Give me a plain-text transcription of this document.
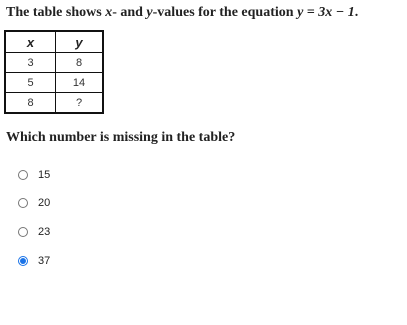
The table shows x- and y-values for the equation y = 3x − 1.
x	y
3	8
5	14
8	?
Which number is missing in the table?
15
20
23
37
